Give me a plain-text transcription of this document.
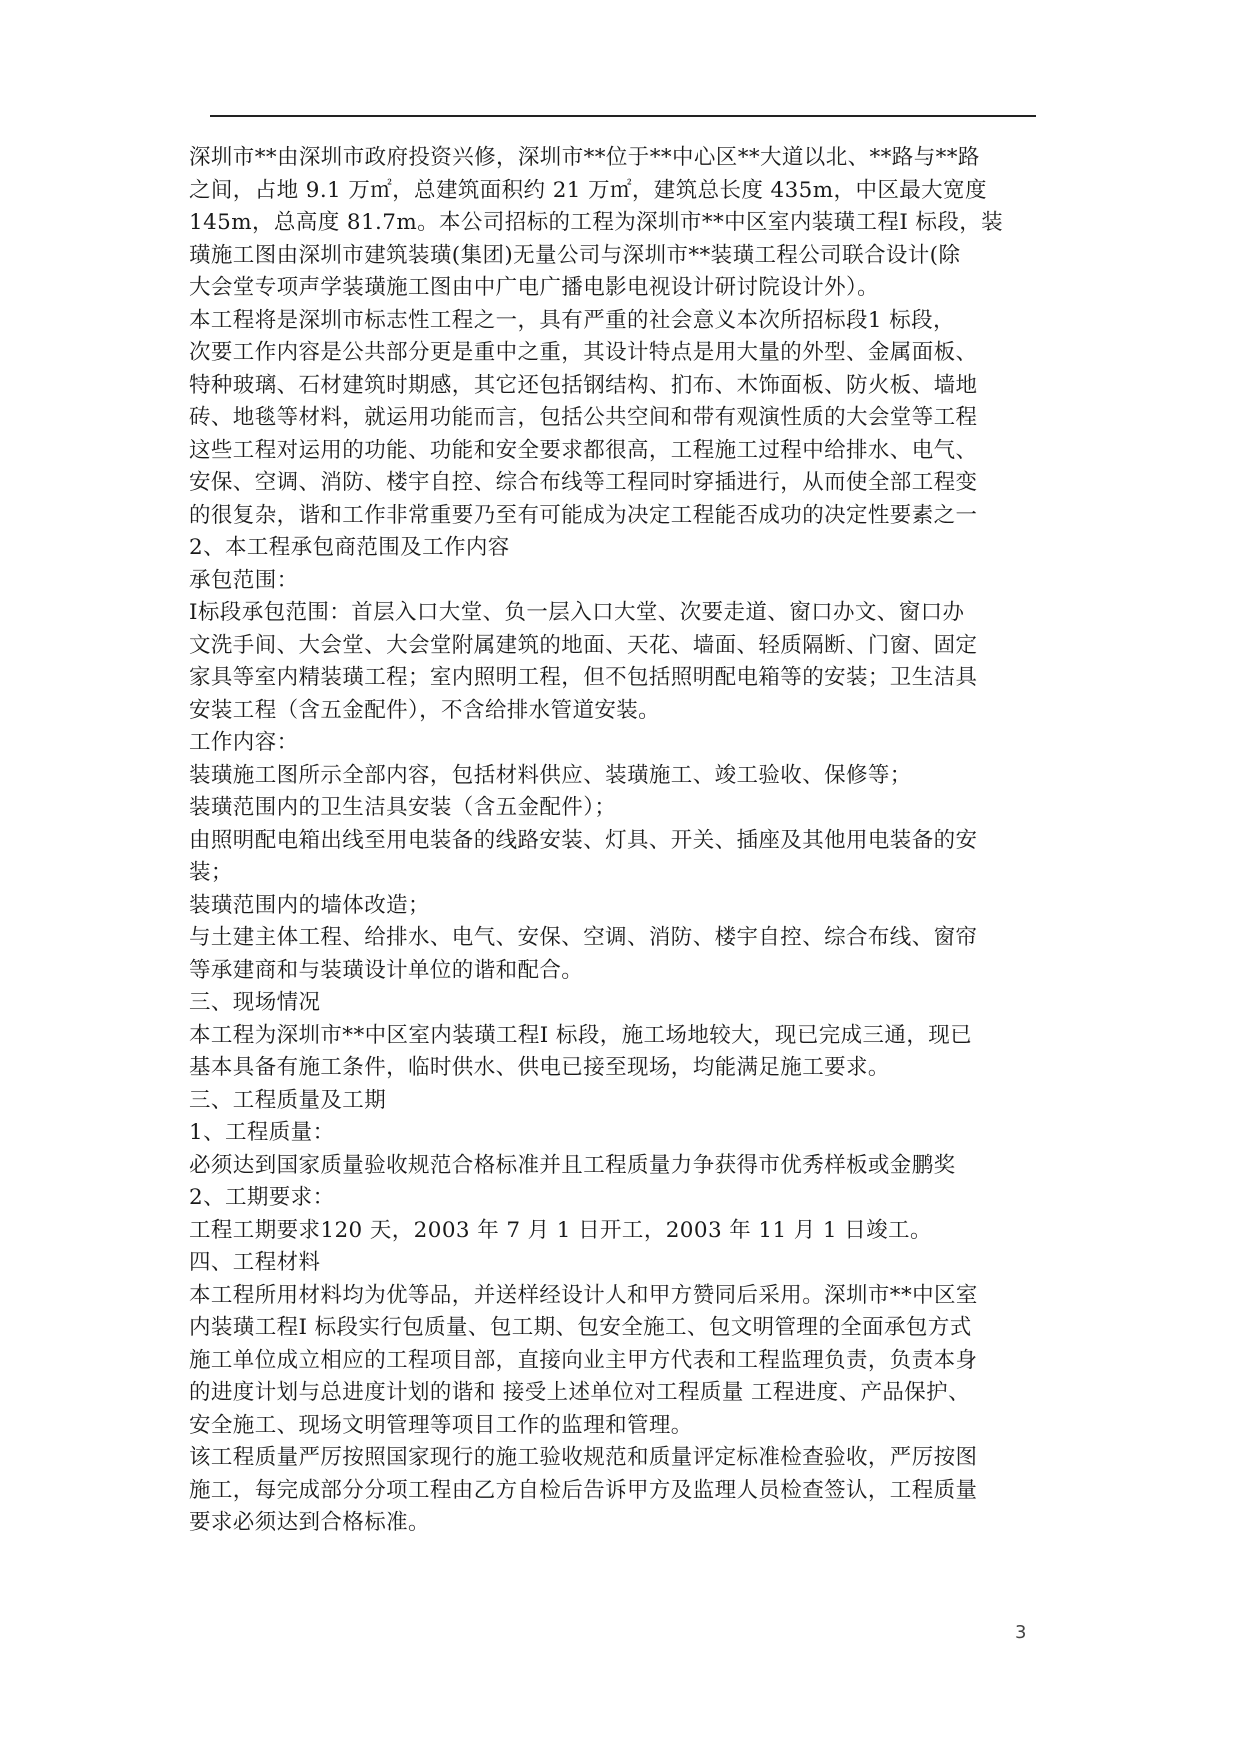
深圳市**由深圳市政府投资兴修，深圳市**位于**中心区**大道以北、**路与**路
之间，占地 9.1 万㎡，总建筑面积约 21 万㎡，建筑总长度 435m，中区最大宽度
145m，总高度 81.7m。本公司招标的工程为深圳市**中区室内装璜工程Ⅰ 标段，装
璜施工图由深圳市建筑装璜(集团)无量公司与深圳市**装璜工程公司联合设计(除
大会堂专项声学装璜施工图由中广电广播电影电视设计研讨院设计外）。
本工程将是深圳市标志性工程之一，具有严重的社会意义本次所招标段1 标段，
次要工作内容是公共部分更是重中之重，其设计特点是用大量的外型、金属面板、
特种玻璃、石材建筑时期感，其它还包括钢结构、扪布、木饰面板、防火板、墙地
砖、地毯等材料，就运用功能而言，包括公共空间和带有观演性质的大会堂等工程
这些工程对运用的功能、功能和安全要求都很高，工程施工过程中给排水、电气、
安保、空调、消防、楼宇自控、综合布线等工程同时穿插进行，从而使全部工程变
的很复杂，谐和工作非常重要乃至有可能成为决定工程能否成功的决定性要素之一
2、本工程承包商范围及工作内容
承包范围：
Ⅰ标段承包范围：首层入口大堂、负一层入口大堂、次要走道、窗口办文、窗口办
文洗手间、大会堂、大会堂附属建筑的地面、天花、墙面、轻质隔断、门窗、固定
家具等室内精装璜工程；室内照明工程，但不包括照明配电箱等的安装；卫生洁具
安装工程（含五金配件），不含给排水管道安装。
工作内容：
装璜施工图所示全部内容，包括材料供应、装璜施工、竣工验收、保修等；
装璜范围内的卫生洁具安装（含五金配件）；
由照明配电箱出线至用电装备的线路安装、灯具、开关、插座及其他用电装备的安
装；
装璜范围内的墙体改造；
与土建主体工程、给排水、电气、安保、空调、消防、楼宇自控、综合布线、窗帘
等承建商和与装璜设计单位的谐和配合。
三、现场情况
本工程为深圳市**中区室内装璜工程Ⅰ 标段，施工场地较大，现已完成三通，现已
基本具备有施工条件，临时供水、供电已接至现场，均能满足施工要求。
三、工程质量及工期
1、工程质量：
必须达到国家质量验收规范合格标准并且工程质量力争获得市优秀样板或金鹏奖
2、工期要求：
工程工期要求120 天，2003 年 7 月 1 日开工，2003 年 11 月 1 日竣工。
四、工程材料
本工程所用材料均为优等品，并送样经设计人和甲方赞同后采用。深圳市**中区室
内装璜工程Ⅰ 标段实行包质量、包工期、包安全施工、包文明管理的全面承包方式
施工单位成立相应的工程项目部，直接向业主甲方代表和工程监理负责，负责本身
的进度计划与总进度计划的谐和 接受上述单位对工程质量 工程进度、产品保护、
安全施工、现场文明管理等项目工作的监理和管理。
该工程质量严厉按照国家现行的施工验收规范和质量评定标准检查验收，严厉按图
施工，每完成部分分项工程由乙方自检后告诉甲方及监理人员检查签认，工程质量
要求必须达到合格标准。
3
